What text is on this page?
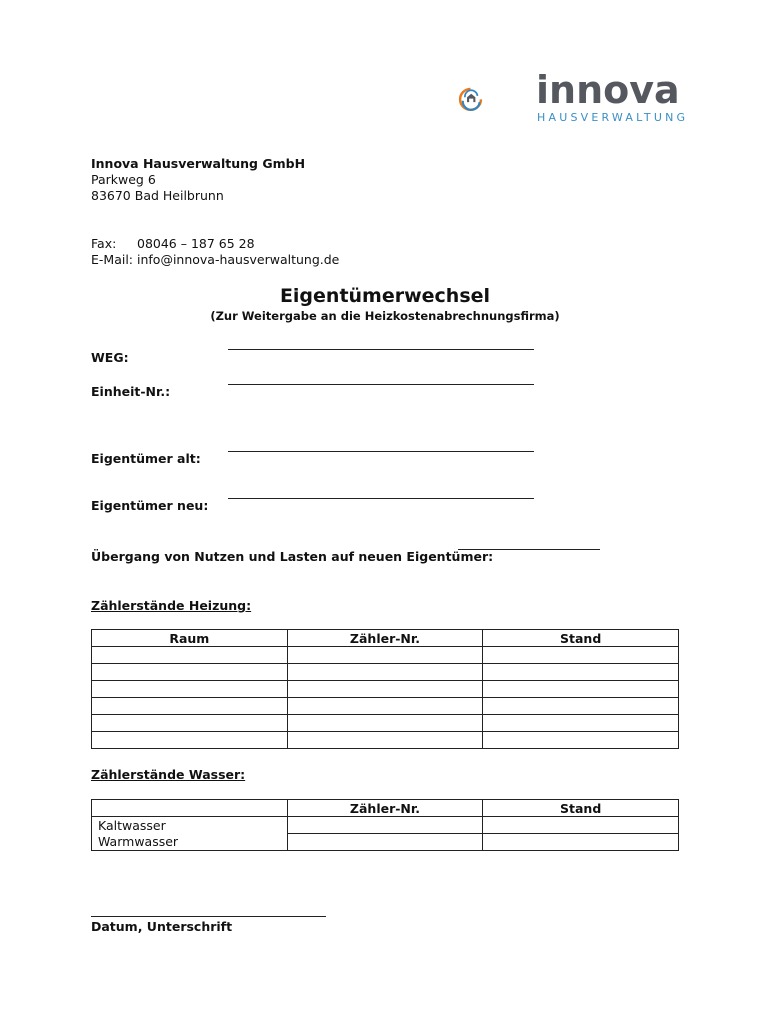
innova
HAUSVERWALTUNG
Innova Hausverwaltung GmbH
Parkweg 6
83670 Bad Heilbrunn
Fax: 08046 – 187 65 28
E-Mail: info@innova-hausverwaltung.de
Eigentümerwechsel
(Zur Weitergabe an die Heizkostenabrechnungsfirma)
WEG:
Einheit-Nr.:
Eigentümer alt:
Eigentümer neu:
Übergang von Nutzen und Lasten auf neuen Eigentümer:
Zählerstände Heizung:
Raum	Zähler-Nr.	Stand

Zählerstände Wasser:
	Zähler-Nr.	Stand
Kaltwasser		
Warmwasser		
Datum, Unterschrift
